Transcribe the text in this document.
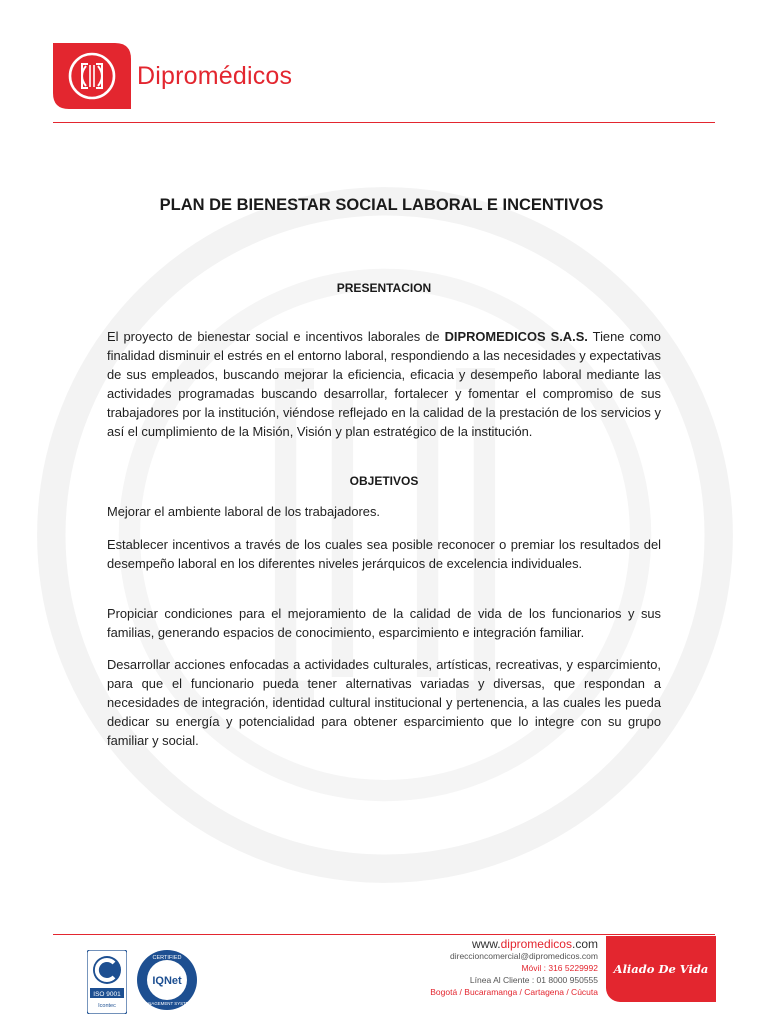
Dipromédicos
PLAN DE BIENESTAR SOCIAL LABORAL E INCENTIVOS
PRESENTACION

El proyecto de bienestar social e incentivos laborales de DIPROMEDICOS S.A.S. Tiene como finalidad disminuir el estrés en el entorno laboral, respondiendo a las necesidades y expectativas de sus empleados, buscando mejorar la eficiencia, eficacia y desempeño laboral mediante las actividades programadas buscando desarrollar, fortalecer y fomentar el compromiso de sus trabajadores por la institución, viéndose reflejado en la calidad de la prestación de los servicios y así el cumplimiento de la Misión, Visión y plan estratégico de la institución.

OBJETIVOS

Mejorar el ambiente laboral de los trabajadores.

Establecer incentivos a través de los cuales sea posible reconocer o premiar los resultados del desempeño laboral en los diferentes niveles jerárquicos de excelencia individuales.

Propiciar condiciones para el mejoramiento de la calidad de vida de los funcionarios y sus familias, generando espacios de conocimiento, esparcimiento e integración familiar.

Desarrollar acciones enfocadas a actividades culturales, artísticas, recreativas, y esparcimiento, para que el funcionario pueda tener alternativas variadas y diversas, que respondan a necesidades de integración, identidad cultural institucional y pertenencia, a las cuales les pueda dedicar su energía y potencialidad para obtener esparcimiento que lo integre con su grupo familiar y social.

ISO 9001
Icontec
CERTIFIED
IQNet
MANAGEMENT SYSTEM
www.dipromedicos.com
direccioncomercial@dipromedicos.com
Móvil : 316 5229992
Línea Al Cliente : 01 8000 950555
Bogotá / Bucaramanga / Cartagena / Cúcuta
Aliado De Vida
